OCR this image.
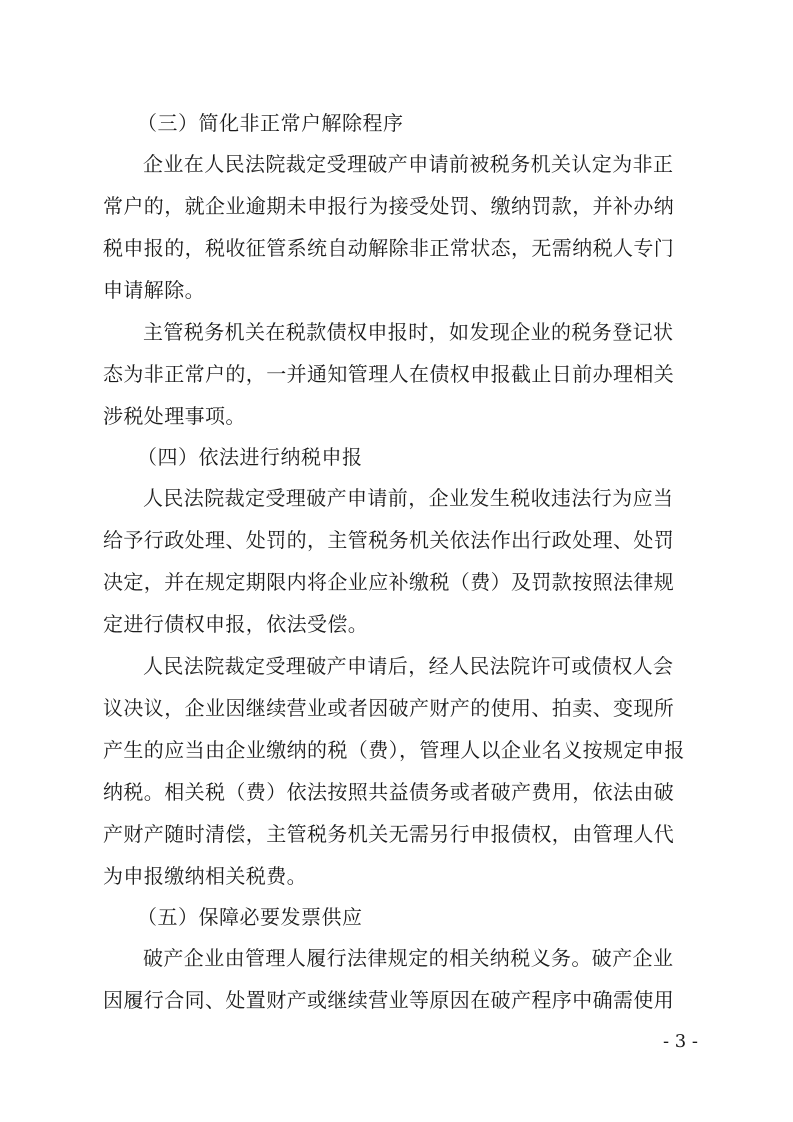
（三）简化非正常户解除程序
企业在人民法院裁定受理破产申请前被税务机关认定为非正
常户的，就企业逾期未申报行为接受处罚、缴纳罚款，并补办纳
税申报的，税收征管系统自动解除非正常状态，无需纳税人专门
申请解除。
主管税务机关在税款债权申报时，如发现企业的税务登记状
态为非正常户的，一并通知管理人在债权申报截止日前办理相关
涉税处理事项。
（四）依法进行纳税申报
人民法院裁定受理破产申请前，企业发生税收违法行为应当
给予行政处理、处罚的，主管税务机关依法作出行政处理、处罚
决定，并在规定期限内将企业应补缴税（费）及罚款按照法律规
定进行债权申报，依法受偿。
人民法院裁定受理破产申请后，经人民法院许可或债权人会
议决议，企业因继续营业或者因破产财产的使用、拍卖、变现所
产生的应当由企业缴纳的税（费），管理人以企业名义按规定申报
纳税。相关税（费）依法按照共益债务或者破产费用，依法由破
产财产随时清偿，主管税务机关无需另行申报债权，由管理人代
为申报缴纳相关税费。
（五）保障必要发票供应
破产企业由管理人履行法律规定的相关纳税义务。破产企业
因履行合同、处置财产或继续营业等原因在破产程序中确需使用
- 3 -
